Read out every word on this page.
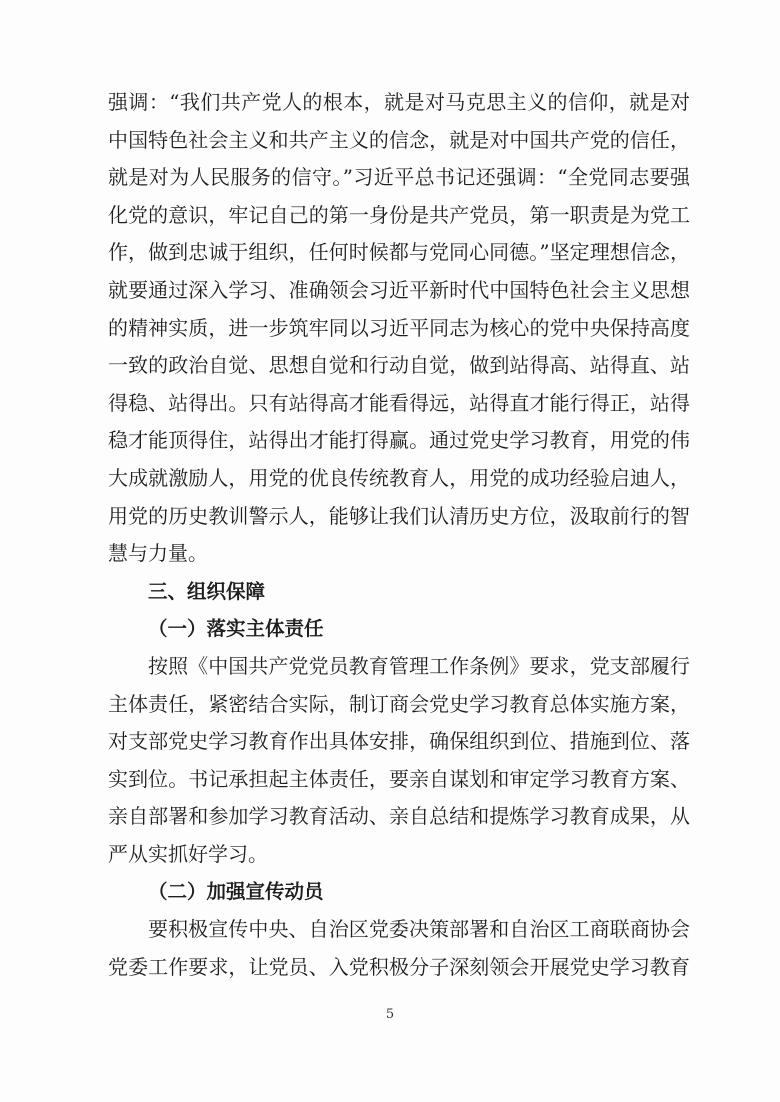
强调：“我们共产党人的根本，就是对马克思主义的信仰，就是对
中国特色社会主义和共产主义的信念，就是对中国共产党的信任，
就是对为人民服务的信守。”习近平总书记还强调：“全党同志要强
化党的意识，牢记自己的第一身份是共产党员，第一职责是为党工
作，做到忠诚于组织，任何时候都与党同心同德。”坚定理想信念，
就要通过深入学习、准确领会习近平新时代中国特色社会主义思想
的精神实质，进一步筑牢同以习近平同志为核心的党中央保持高度
一致的政治自觉、思想自觉和行动自觉，做到站得高、站得直、站
得稳、站得出。只有站得高才能看得远，站得直才能行得正，站得
稳才能顶得住，站得出才能打得赢。通过党史学习教育，用党的伟
大成就激励人，用党的优良传统教育人，用党的成功经验启迪人，
用党的历史教训警示人，能够让我们认清历史方位，汲取前行的智
慧与力量。
三、组织保障
（一）落实主体责任
按照《中国共产党党员教育管理工作条例》要求，党支部履行
主体责任，紧密结合实际，制订商会党史学习教育总体实施方案，
对支部党史学习教育作出具体安排，确保组织到位、措施到位、落
实到位。书记承担起主体责任，要亲自谋划和审定学习教育方案、
亲自部署和参加学习教育活动、亲自总结和提炼学习教育成果，从
严从实抓好学习。
（二）加强宣传动员
要积极宣传中央、自治区党委决策部署和自治区工商联商协会
党委工作要求，让党员、入党积极分子深刻领会开展党史学习教育
5
